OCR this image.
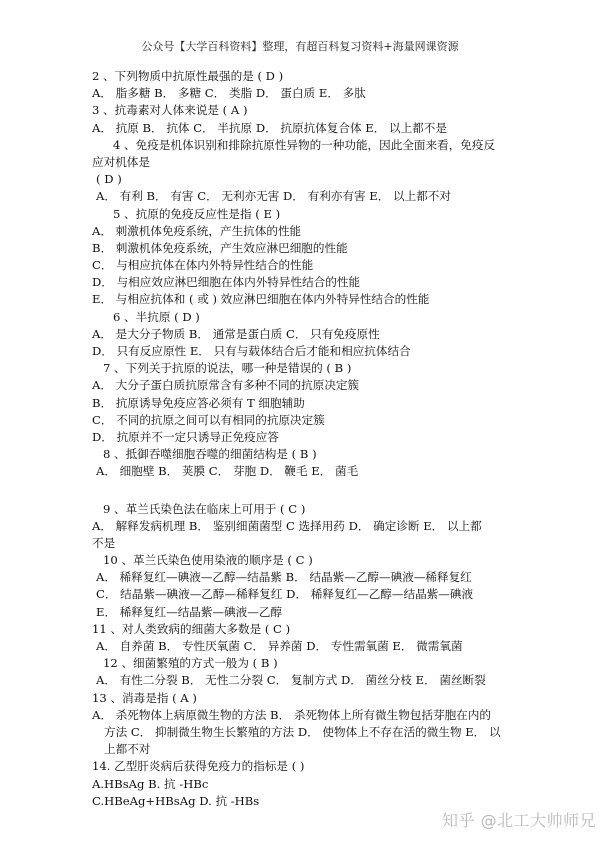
公众号【大学百科资料】整理，有超百科复习资料+海量网课资源
2 、下列物质中抗原性最强的是 ( D )
A． 脂多糖 B． 多糖 C． 类脂 D． 蛋白质 E． 多肽
3 、抗毒素对人体来说是 ( A )
A． 抗原 B． 抗体 C． 半抗原 D． 抗原抗体复合体 E． 以上都不是
4 、免疫是机体识别和排除抗原性异物的一种功能，因此全面来看，免疫反
应对机体是
( D )
A． 有利 B． 有害 C． 无利亦无害 D． 有利亦有害 E． 以上都不对
5 、抗原的免疫反应性是指 ( E )
A． 刺激机体免疫系统，产生抗体的性能
B． 刺激机体免疫系统，产生效应淋巴细胞的性能
C． 与相应抗体在体内外特异性结合的性能
D． 与相应效应淋巴细胞在体内外特异性结合的性能
E． 与相应抗体和 ( 或 ) 效应淋巴细胞在体内外特异性结合的性能
6 、半抗原 ( D )
A． 是大分子物质 B． 通常是蛋白质 C． 只有免疫原性
D． 只有反应原性 E． 只有与载体结合后才能和相应抗体结合
7 、下列关于抗原的说法，哪一种是错误的 ( B )
A． 大分子蛋白质抗原常含有多种不同的抗原决定簇
B． 抗原诱导免疫应答必须有 T 细胞辅助
C． 不同的抗原之间可以有相同的抗原决定簇
D． 抗原并不一定只诱导正免疫应答
8 、抵御吞噬细胞吞噬的细菌结构是 ( B )
A． 细胞壁 B． 荚膜 C． 芽胞 D． 鞭毛 E． 菌毛
9 、革兰氏染色法在临床上可用于 ( C )
A． 解释发病机理 B． 鉴别细菌菌型 C 选择用药 D． 确定诊断 E． 以上都
不是
10 、革兰氏染色使用染液的顺序是 ( C )
A． 稀释复红—碘液—乙醇—结晶紫 B． 结晶紫—乙醇—碘液—稀释复红
C． 结晶紫—碘液—乙醇—稀释复红 D． 稀释复红—乙醇—结晶紫—碘液
E． 稀释复红—结晶紫—碘液—乙醇
11 、对人类致病的细菌大多数是 ( C )
A． 自养菌 B． 专性厌氧菌 C． 异养菌 D． 专性需氧菌 E． 微需氧菌
12 、细菌繁殖的方式一般为 ( B )
A． 有性二分裂 B． 无性二分裂 C． 复制方式 D． 菌丝分枝 E． 菌丝断裂
13 、消毒是指 ( A )
A． 杀死物体上病原微生物的方法 B． 杀死物体上所有微生物包括芽胞在内的
方法 C． 抑制微生物生长繁殖的方法 D． 使物体上不存在活的微生物 E． 以
上都不对
14. 乙型肝炎病后获得免疫力的指标是 ( )
A.HBsAg B. 抗 -HBc
C.HBeAg+HBsAg D. 抗 -HBs
知乎 @北工大帅师兄
